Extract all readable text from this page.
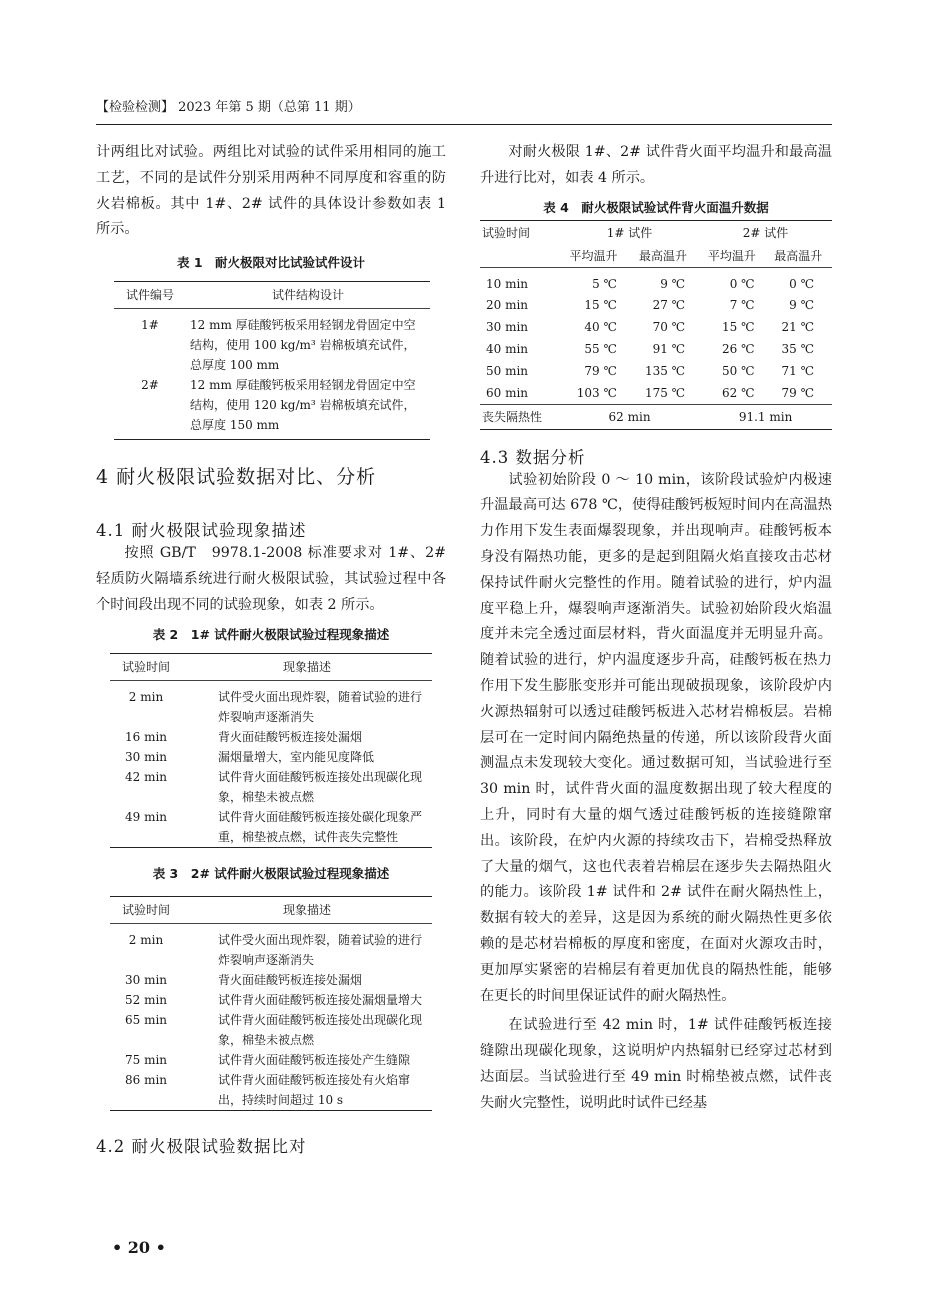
【检验检测】 2023 年第 5 期（总第 11 期）

计两组比对试验。两组比对试验的试件采用相同的施工工艺，不同的是试件分别采用两种不同厚度和容重的防火岩棉板。其中 1#、2# 试件的具体设计参数如表 1 所示。

表 1　耐火极限对比试验试件设计
试件编号	试件结构设计
1#	12 mm 厚硅酸钙板采用轻钢龙骨固定中空结构，使用 100 kg/m³ 岩棉板填充试件，总厚度 100 mm
2#	12 mm 厚硅酸钙板采用轻钢龙骨固定中空结构，使用 120 kg/m³ 岩棉板填充试件，总厚度 150 mm
4 耐火极限试验数据对比、分析
4.1 耐火极限试验现象描述

按照 GB/T　9978.1-2008 标准要求对 1#、2# 轻质防火隔墙系统进行耐火极限试验，其试验过程中各个时间段出现不同的试验现象，如表 2 所示。

表 2　1# 试件耐火极限试验过程现象描述
试验时间	现象描述
2 min	试件受火面出现炸裂，随着试验的进行炸裂响声逐渐消失
16 min	背火面硅酸钙板连接处漏烟
30 min	漏烟量增大，室内能见度降低
42 min	试件背火面硅酸钙板连接处出现碳化现象，棉垫未被点燃
49 min	试件背火面硅酸钙板连接处碳化现象严重，棉垫被点燃，试件丧失完整性
表 3　2# 试件耐火极限试验过程现象描述
试验时间	现象描述
2 min	试件受火面出现炸裂，随着试验的进行炸裂响声逐渐消失
30 min	背火面硅酸钙板连接处漏烟
52 min	试件背火面硅酸钙板连接处漏烟量增大
65 min	试件背火面硅酸钙板连接处出现碳化现象，棉垫未被点燃
75 min	试件背火面硅酸钙板连接处产生缝隙
86 min	试件背火面硅酸钙板连接处有火焰窜出，持续时间超过 10 s
4.2 耐火极限试验数据比对

对耐火极限 1#、2# 试件背火面平均温升和最高温升进行比对，如表 4 所示。

表 4　耐火极限试验试件背火面温升数据
试验时间	1# 试件		2# 试件	
	平均温升	最高温升	平均温升	最高温升
10 min	5 ℃	9 ℃	0 ℃	0 ℃
20 min	15 ℃	27 ℃	7 ℃	9 ℃
30 min	40 ℃	70 ℃	15 ℃	21 ℃
40 min	55 ℃	91 ℃	26 ℃	35 ℃
50 min	79 ℃	135 ℃	50 ℃	71 ℃
60 min	103 ℃	175 ℃	62 ℃	79 ℃
丧失隔热性	62 min		91.1 min	
4.3 数据分析

试验初始阶段 0 ～ 10 min，该阶段试验炉内极速升温最高可达 678 ℃，使得硅酸钙板短时间内在高温热力作用下发生表面爆裂现象，并出现响声。硅酸钙板本身没有隔热功能，更多的是起到阻隔火焰直接攻击芯材保持试件耐火完整性的作用。随着试验的进行，炉内温度平稳上升，爆裂响声逐渐消失。试验初始阶段火焰温度并未完全透过面层材料，背火面温度并无明显升高。随着试验的进行，炉内温度逐步升高，硅酸钙板在热力作用下发生膨胀变形并可能出现破损现象，该阶段炉内火源热辐射可以透过硅酸钙板进入芯材岩棉板层。岩棉层可在一定时间内隔绝热量的传递，所以该阶段背火面测温点未发现较大变化。通过数据可知，当试验进行至 30 min 时，试件背火面的温度数据出现了较大程度的上升，同时有大量的烟气透过硅酸钙板的连接缝隙窜出。该阶段，在炉内火源的持续攻击下，岩棉受热释放了大量的烟气，这也代表着岩棉层在逐步失去隔热阻火的能力。该阶段 1# 试件和 2# 试件在耐火隔热性上，数据有较大的差异，这是因为系统的耐火隔热性更多依赖的是芯材岩棉板的厚度和密度，在面对火源攻击时，更加厚实紧密的岩棉层有着更加优良的隔热性能，能够在更长的时间里保证试件的耐火隔热性。

在试验进行至 42 min 时，1# 试件硅酸钙板连接缝隙出现碳化现象，这说明炉内热辐射已经穿过芯材到达面层。当试验进行至 49 min 时棉垫被点燃，试件丧失耐火完整性，说明此时试件已经基

• 20 •
